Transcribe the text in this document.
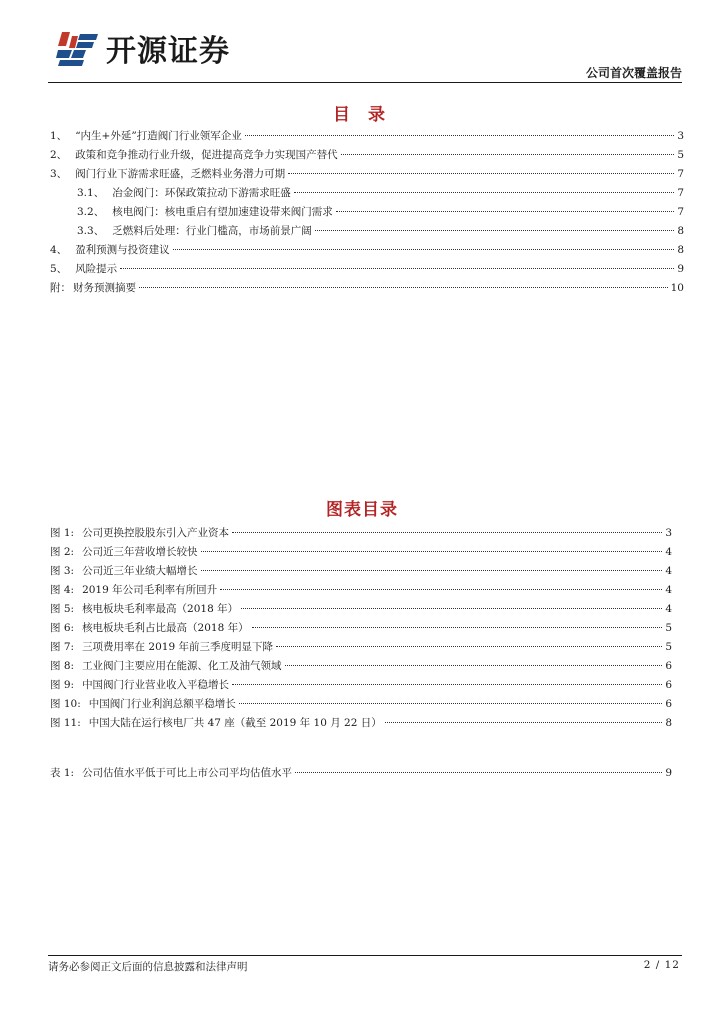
开源证券
公司首次覆盖报告
目 录
1、 “内生+外延”打造阀门行业领军企业	3
2、 政策和竞争推动行业升级，促进提高竞争力实现国产替代	5
3、 阀门行业下游需求旺盛，乏燃料业务潜力可期	7
3.1、 冶金阀门：环保政策拉动下游需求旺盛	7
3.2、 核电阀门：核电重启有望加速建设带来阀门需求	7
3.3、 乏燃料后处理：行业门槛高，市场前景广阔	8
4、 盈利预测与投资建议	8
5、 风险提示	9
附： 财务预测摘要	10
图表目录
图 1: 公司更换控股股东引入产业资本	3
图 2: 公司近三年营收增长较快	4
图 3: 公司近三年业绩大幅增长	4
图 4: 2019 年公司毛利率有所回升	4
图 5: 核电板块毛利率最高（2018 年）	4
图 6: 核电板块毛利占比最高（2018 年）	5
图 7: 三项费用率在 2019 年前三季度明显下降	5
图 8: 工业阀门主要应用在能源、化工及油气领域	6
图 9: 中国阀门行业营业收入平稳增长	6
图 10: 中国阀门行业利润总额平稳增长	6
图 11: 中国大陆在运行核电厂共 47 座（截至 2019 年 10 月 22 日）	8
表 1: 公司估值水平低于可比上市公司平均估值水平	9
请务必参阅正文后面的信息披露和法律声明	2 / 12
